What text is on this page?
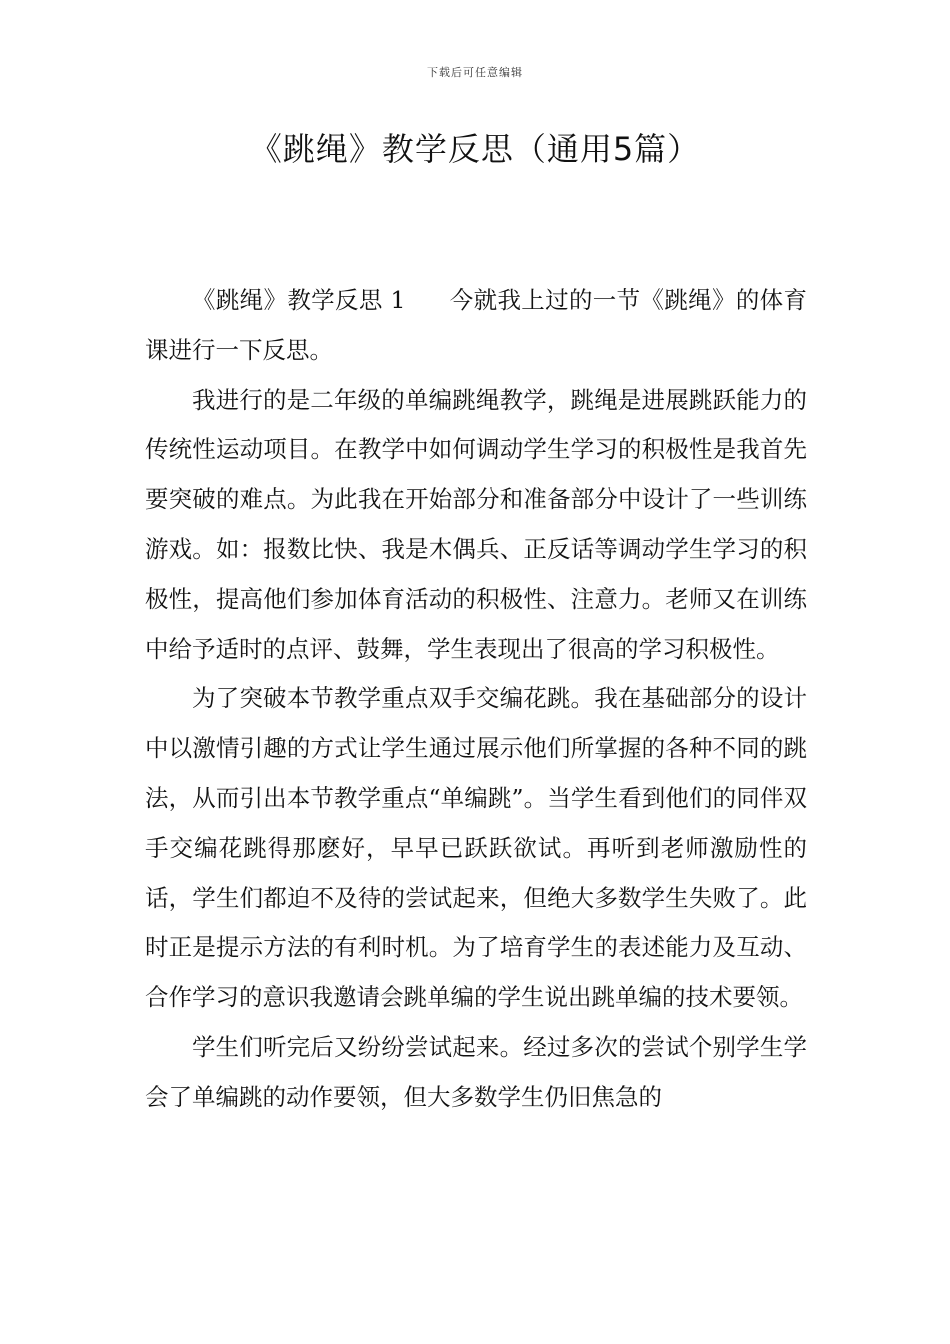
下载后可任意编辑
《跳绳》教学反思（通用5篇）

《跳绳》教学反思 1 今就我上过的一节《跳绳》的体育课进行一下反思。

我进行的是二年级的单编跳绳教学，跳绳是进展跳跃能力的传统性运动项目。在教学中如何调动学生学习的积极性是我首先要突破的难点。为此我在开始部分和准备部分中设计了一些训练游戏。如：报数比快、我是木偶兵、正反话等调动学生学习的积极性，提高他们参加体育活动的积极性、注意力。老师又在训练中给予适时的点评、鼓舞，学生表现出了很高的学习积极性。

为了突破本节教学重点双手交编花跳。我在基础部分的设计中以激情引趣的方式让学生通过展示他们所掌握的各种不同的跳法，从而引出本节教学重点“单编跳”。当学生看到他们的同伴双手交编花跳得那麽好，早早已跃跃欲试。再听到老师激励性的话，学生们都迫不及待的尝试起来，但绝大多数学生失败了。此时正是提示方法的有利时机。为了培育学生的表述能力及互动、合作学习的意识我邀请会跳单编的学生说出跳单编的技术要领。

学生们听完后又纷纷尝试起来。经过多次的尝试个别学生学会了单编跳的动作要领，但大多数学生仍旧焦急的
